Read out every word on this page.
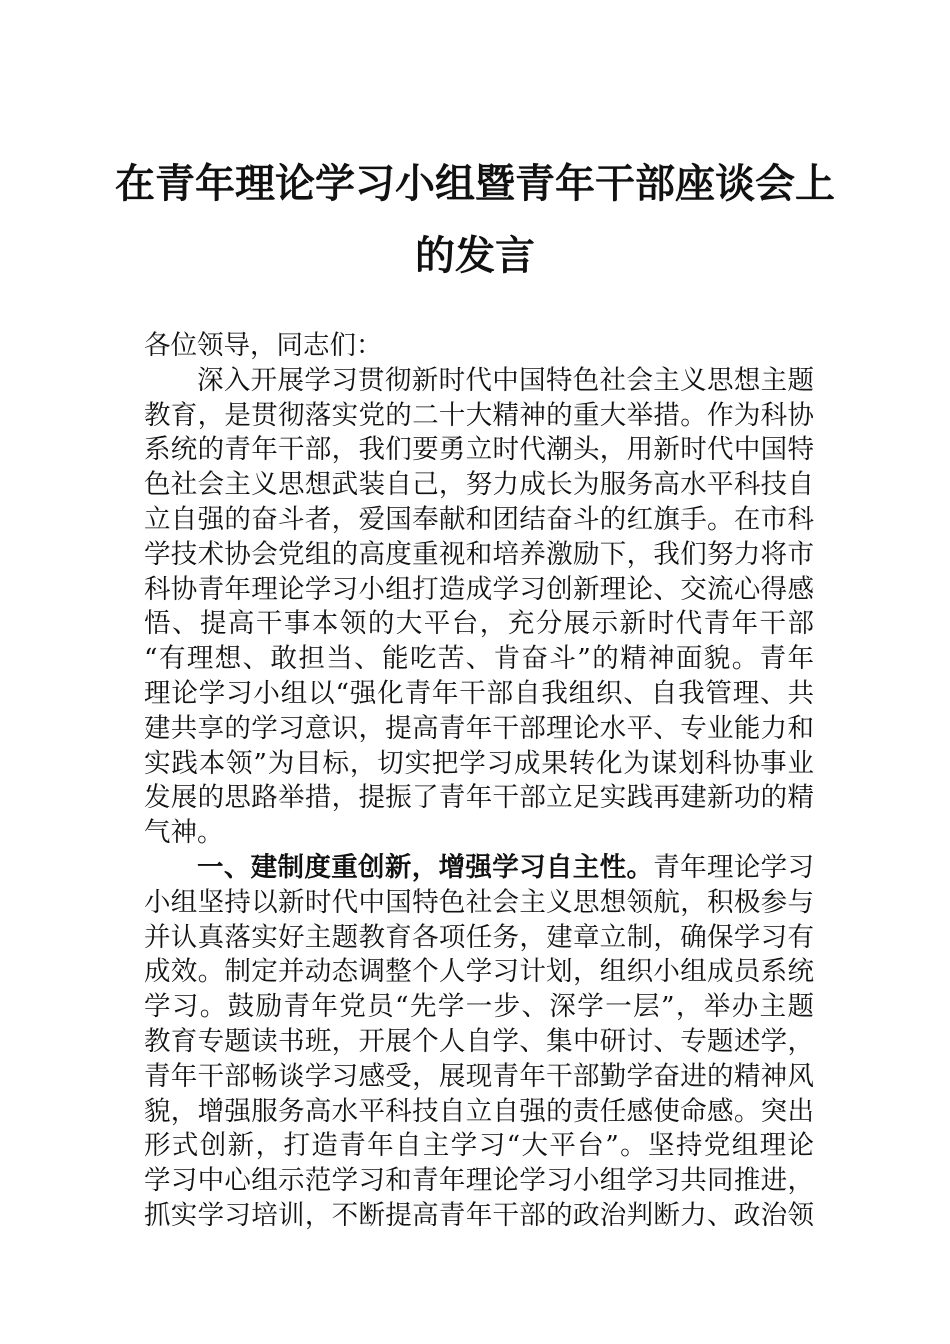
在青年理论学习小组暨青年干部座谈会上
的发言
各位领导，同志们：
深入开展学习贯彻新时代中国特色社会主义思想主题
教育，是贯彻落实党的二十大精神的重大举措。作为科协
系统的青年干部，我们要勇立时代潮头，用新时代中国特
色社会主义思想武装自己，努力成长为服务高水平科技自
立自强的奋斗者，爱国奉献和团结奋斗的红旗手。在市科
学技术协会党组的高度重视和培养激励下，我们努力将市
科协青年理论学习小组打造成学习创新理论、交流心得感
悟、提高干事本领的大平台，充分展示新时代青年干部
“有理想、敢担当、能吃苦、肯奋斗”的精神面貌。青年
理论学习小组以“强化青年干部自我组织、自我管理、共
建共享的学习意识，提高青年干部理论水平、专业能力和
实践本领”为目标，切实把学习成果转化为谋划科协事业
发展的思路举措，提振了青年干部立足实践再建新功的精
气神。
一、建制度重创新，增强学习自主性。青年理论学习
小组坚持以新时代中国特色社会主义思想领航，积极参与
并认真落实好主题教育各项任务，建章立制，确保学习有
成效。制定并动态调整个人学习计划，组织小组成员系统
学习。鼓励青年党员“先学一步、深学一层”，举办主题
教育专题读书班，开展个人自学、集中研讨、专题述学，
青年干部畅谈学习感受，展现青年干部勤学奋进的精神风
貌，增强服务高水平科技自立自强的责任感使命感。突出
形式创新，打造青年自主学习“大平台”。坚持党组理论
学习中心组示范学习和青年理论学习小组学习共同推进，
抓实学习培训，不断提高青年干部的政治判断力、政治领
